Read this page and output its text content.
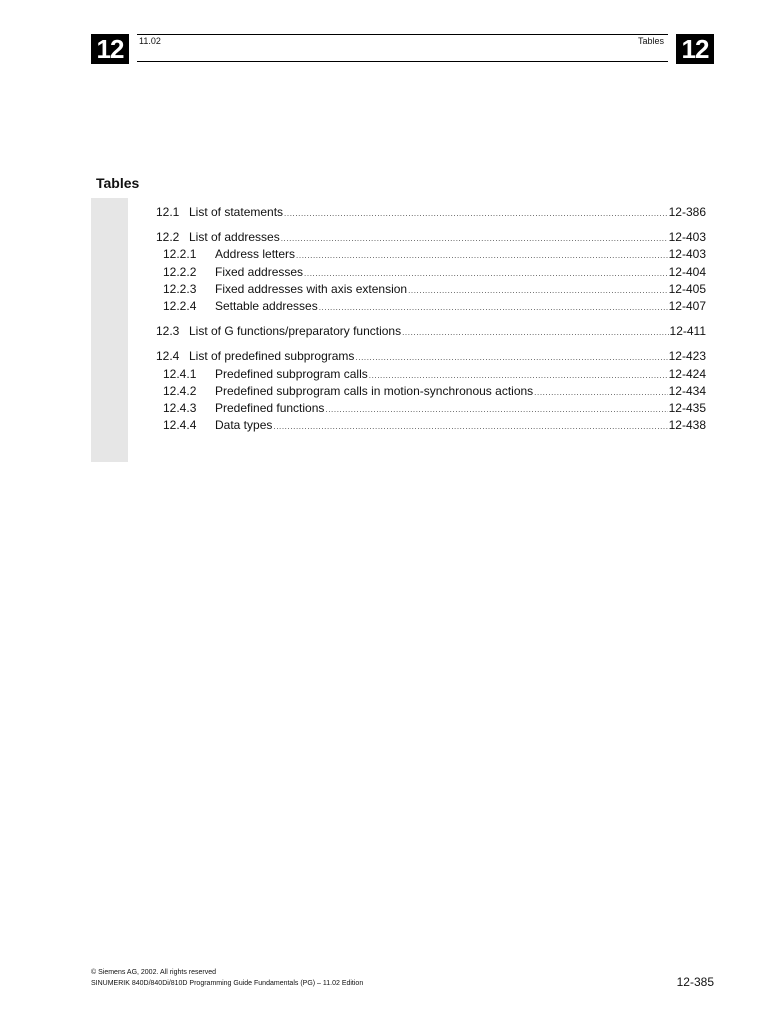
12	12
11.02	Tables
Tables
12.1 List of statements .....	12-386
12.2 List of addresses .....	12-403
12.2.1	Address letters .....	12-403
12.2.2	Fixed addresses .....	12-404
12.2.3	Fixed addresses with axis extension .....	12-405
12.2.4	Settable addresses .....	12-407
12.3 List of G functions/preparatory functions .....	12-411
12.4 List of predefined subprograms .....	12-423
12.4.1	Predefined subprogram calls .....	12-424
12.4.2	Predefined subprogram calls in motion-synchronous actions .....	12-434
12.4.3	Predefined functions .....	12-435
12.4.4	Data types .....	12-438
© Siemens AG, 2002. All rights reserved
SINUMERIK 840D/840Di/810D Programming Guide Fundamentals (PG) – 11.02 Edition	12-385
